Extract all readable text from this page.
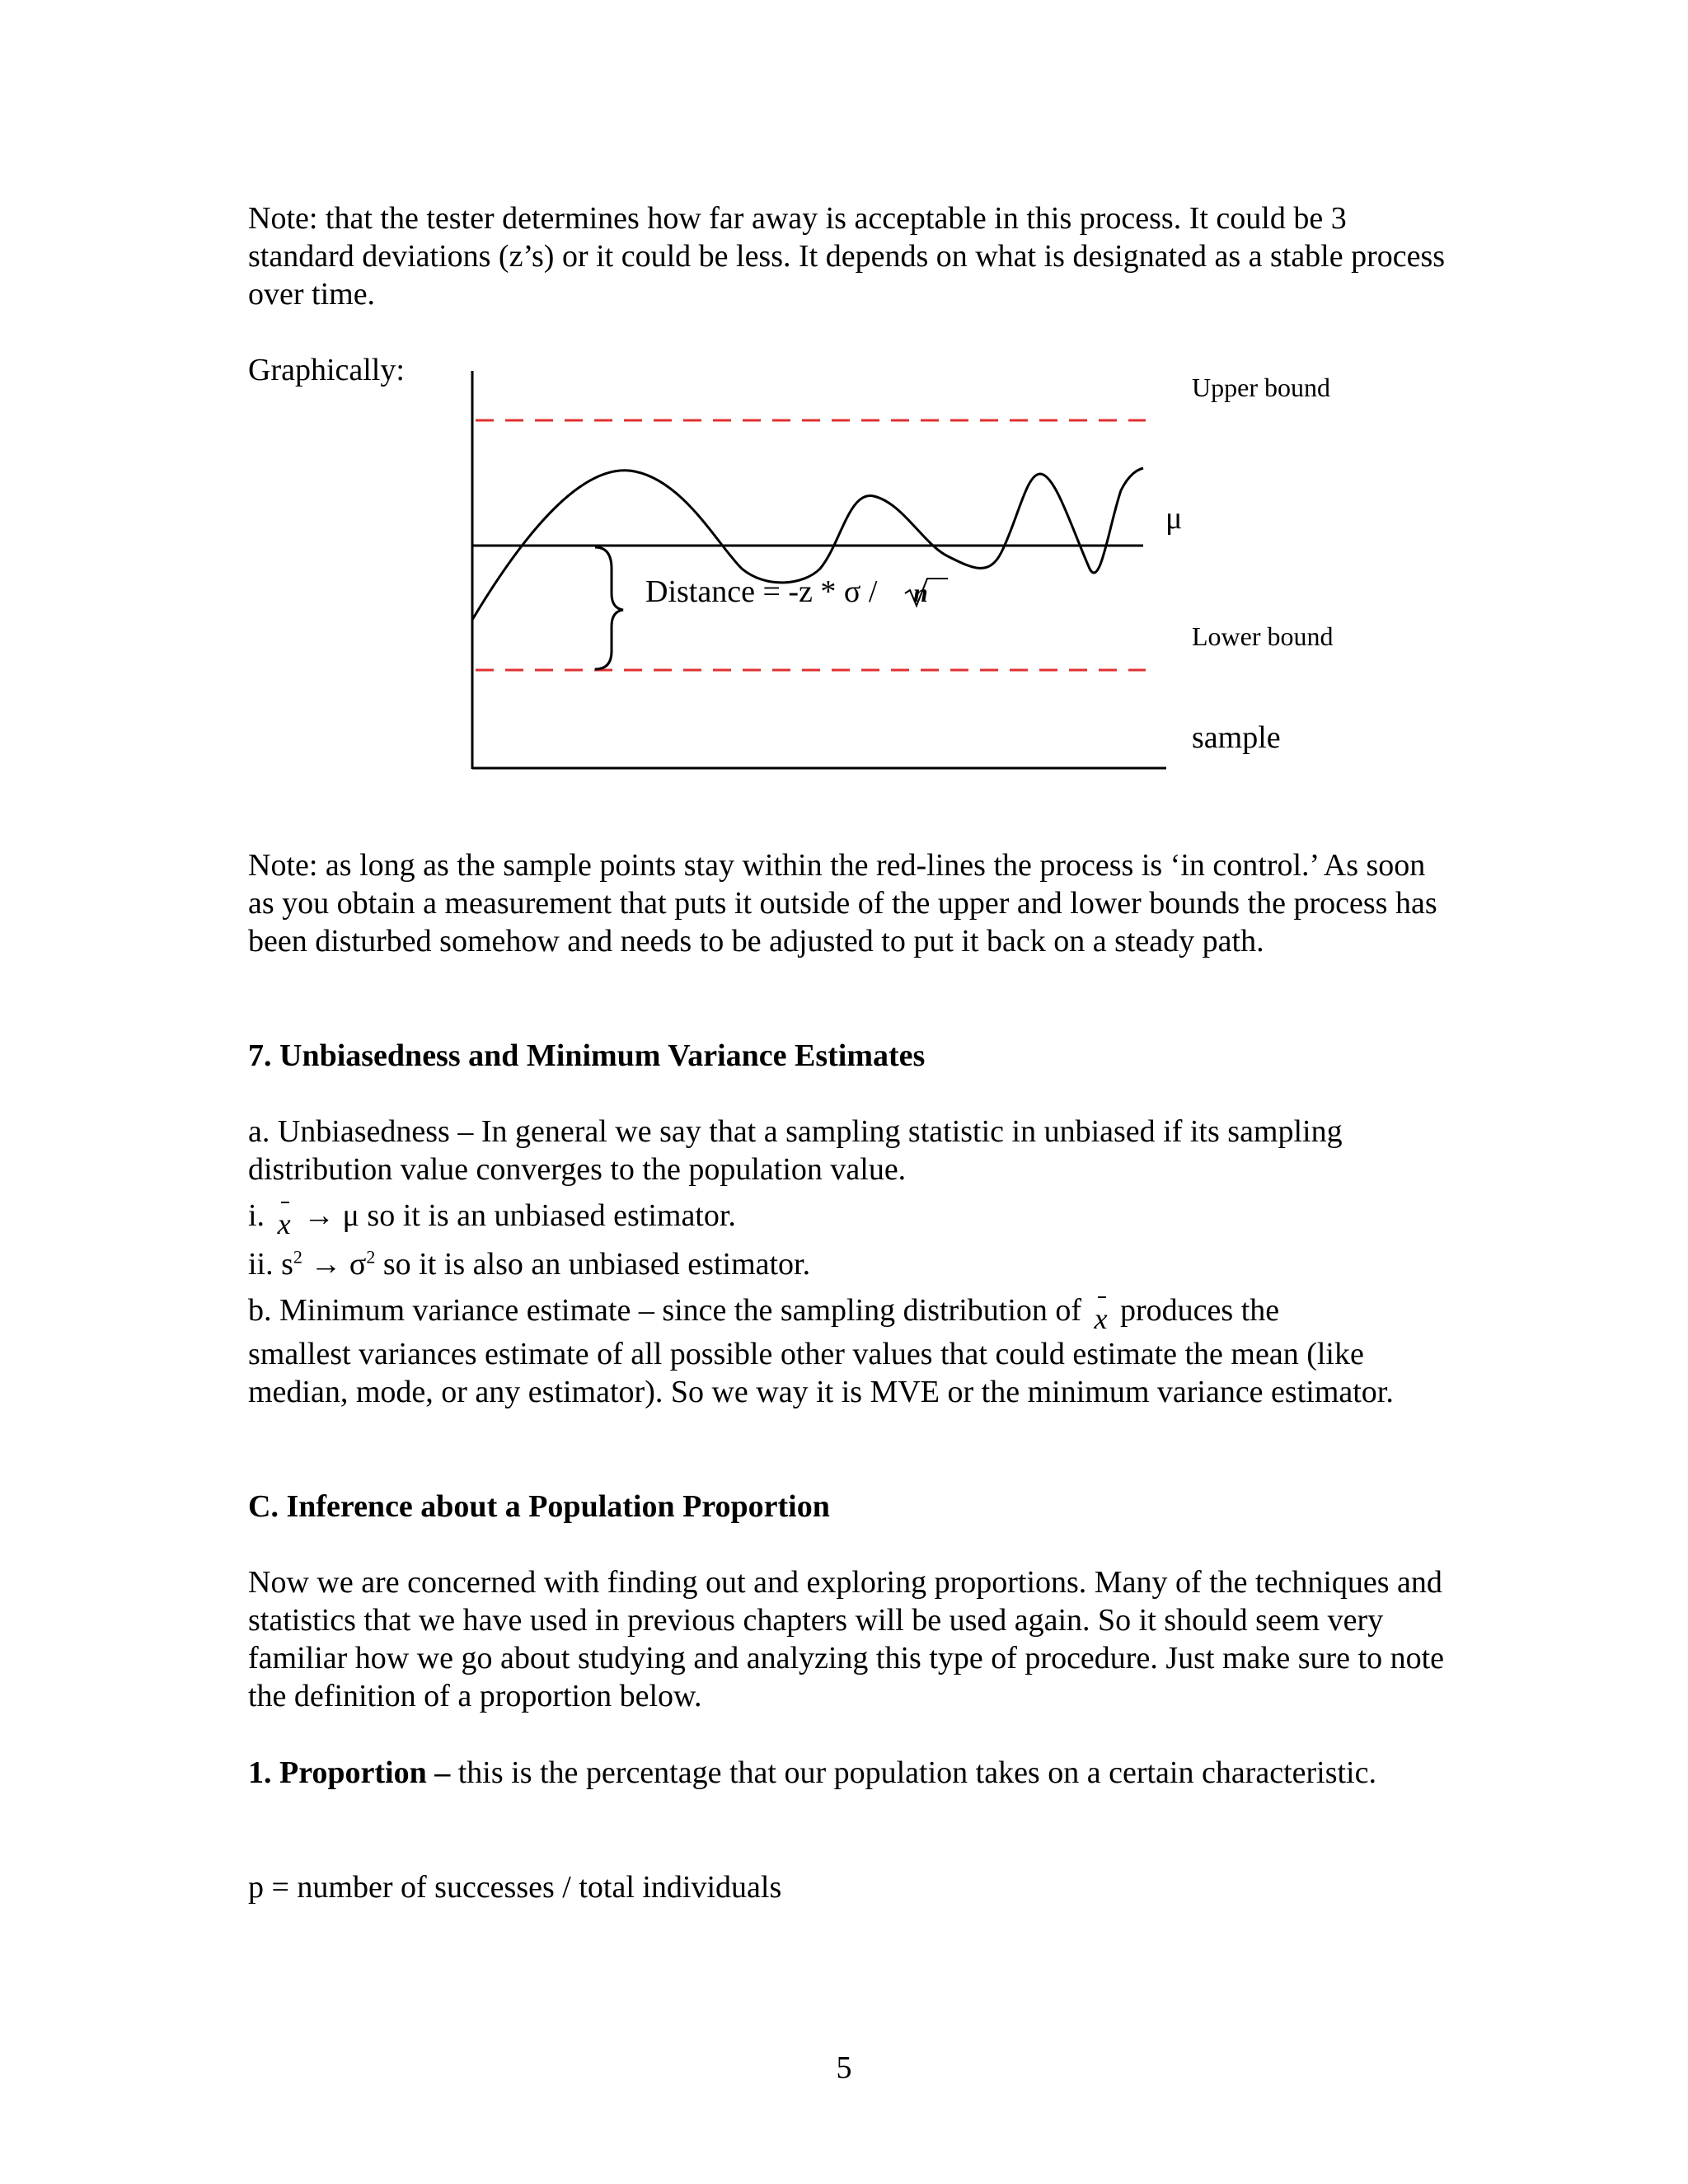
Note: that the tester determines how far away is acceptable in this process. It could be 3 standard deviations (z’s) or it could be less. It depends on what is designated as a stable process over time.

Graphically:	Upper bound
μ
Distance = -z * σ / n
Lower bound
sample

Note: as long as the sample points stay within the red-lines the process is ‘in control.’ As soon as you obtain a measurement that puts it outside of the upper and lower bounds the process has been disturbed somehow and needs to be adjusted to put it back on a steady path.

7. Unbiasedness and Minimum Variance Estimates

a. Unbiasedness – In general we say that a sampling statistic in unbiased if its sampling distribution value converges to the population value.

i. x → μ so it is an unbiased estimator.

ii. $s^2 \to \sigma^2$ so it is also an unbiased estimator.

b. Minimum variance estimate – since the sampling distribution of x produces the

smallest variances estimate of all possible other values that could estimate the mean (like median, mode, or any estimator). So we way it is MVE or the minimum variance estimator.

C. Inference about a Population Proportion

Now we are concerned with finding out and exploring proportions. Many of the techniques and statistics that we have used in previous chapters will be used again. So it should seem very familiar how we go about studying and analyzing this type of procedure. Just make sure to note the definition of a proportion below.

1. Proportion – this is the percentage that our population takes on a certain characteristic.

p = number of successes / total individuals

5
